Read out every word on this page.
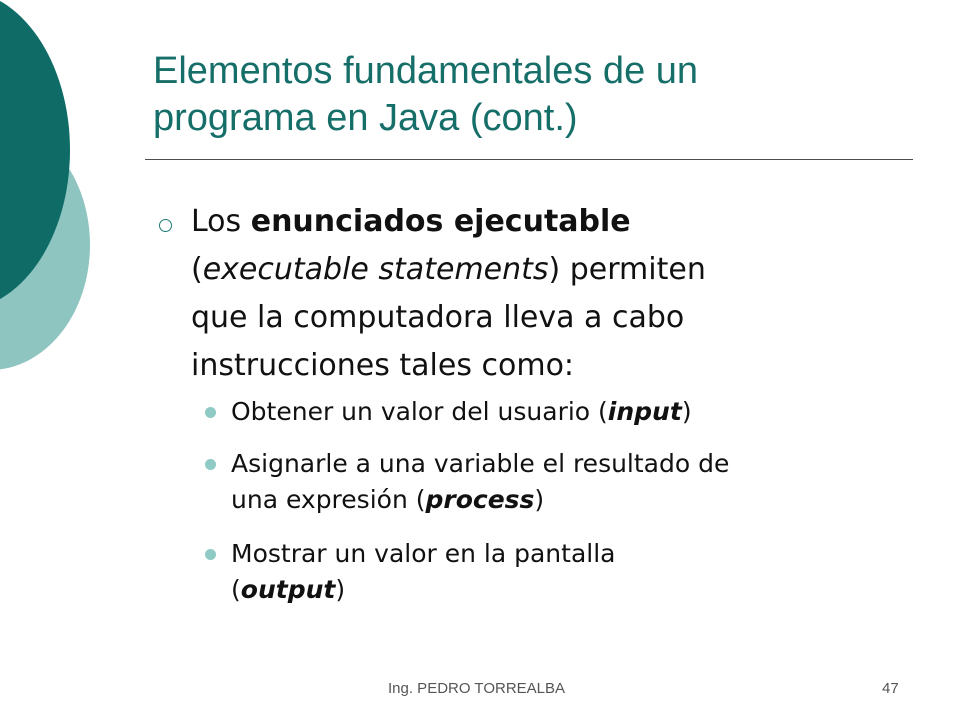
Elementos fundamentales de un
programa en Java (cont.)
Los enunciados ejecutable
(executable statements) permiten
que la computadora lleva a cabo
instrucciones tales como:
Obtener un valor del usuario (input)
Asignarle a una variable el resultado de
una expresión (process)
Mostrar un valor en la pantalla
(output)
Ing. PEDRO TORREALBA	47
